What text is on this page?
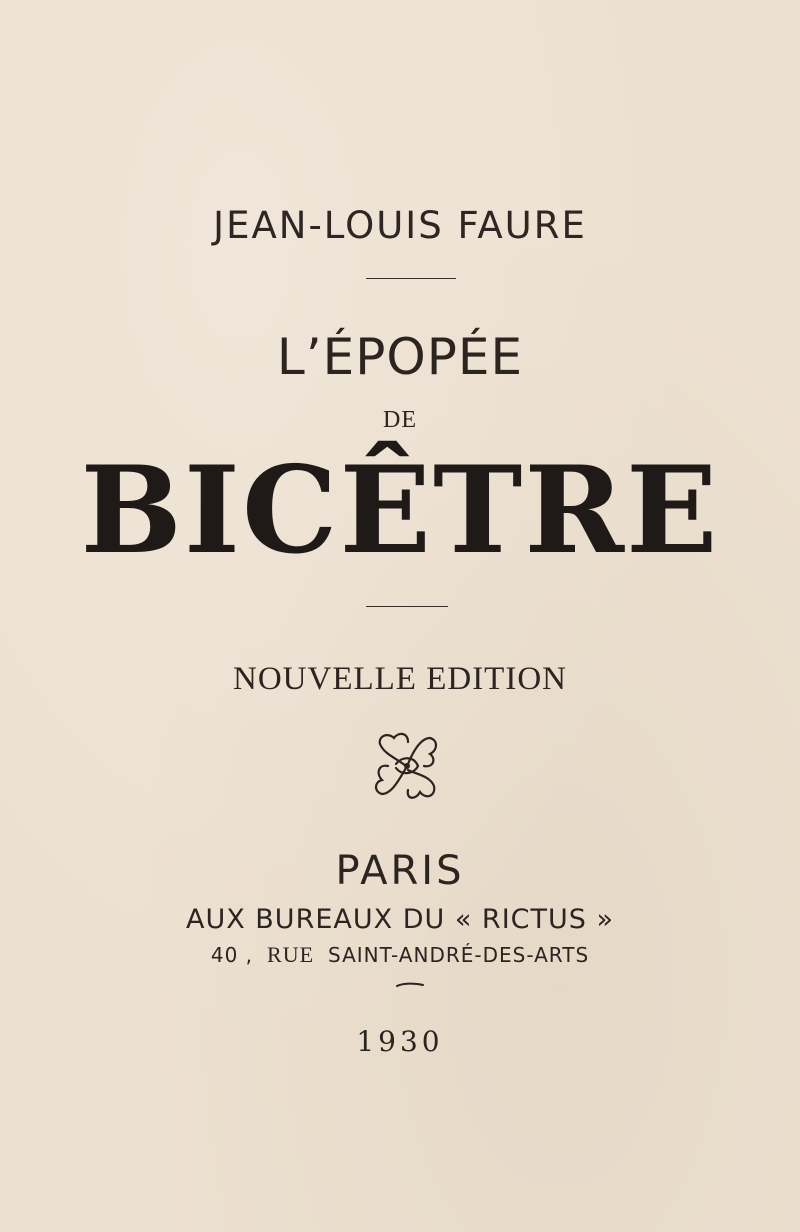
JEAN-LOUIS FAURE
L’ÉPOPÉE
DE
BICÊTRE
NOUVELLE EDITION
PARIS
AUX BUREAUX DU « RICTUS »
40 , RUE SAINT-ANDRÉ-DES-ARTS
1930
